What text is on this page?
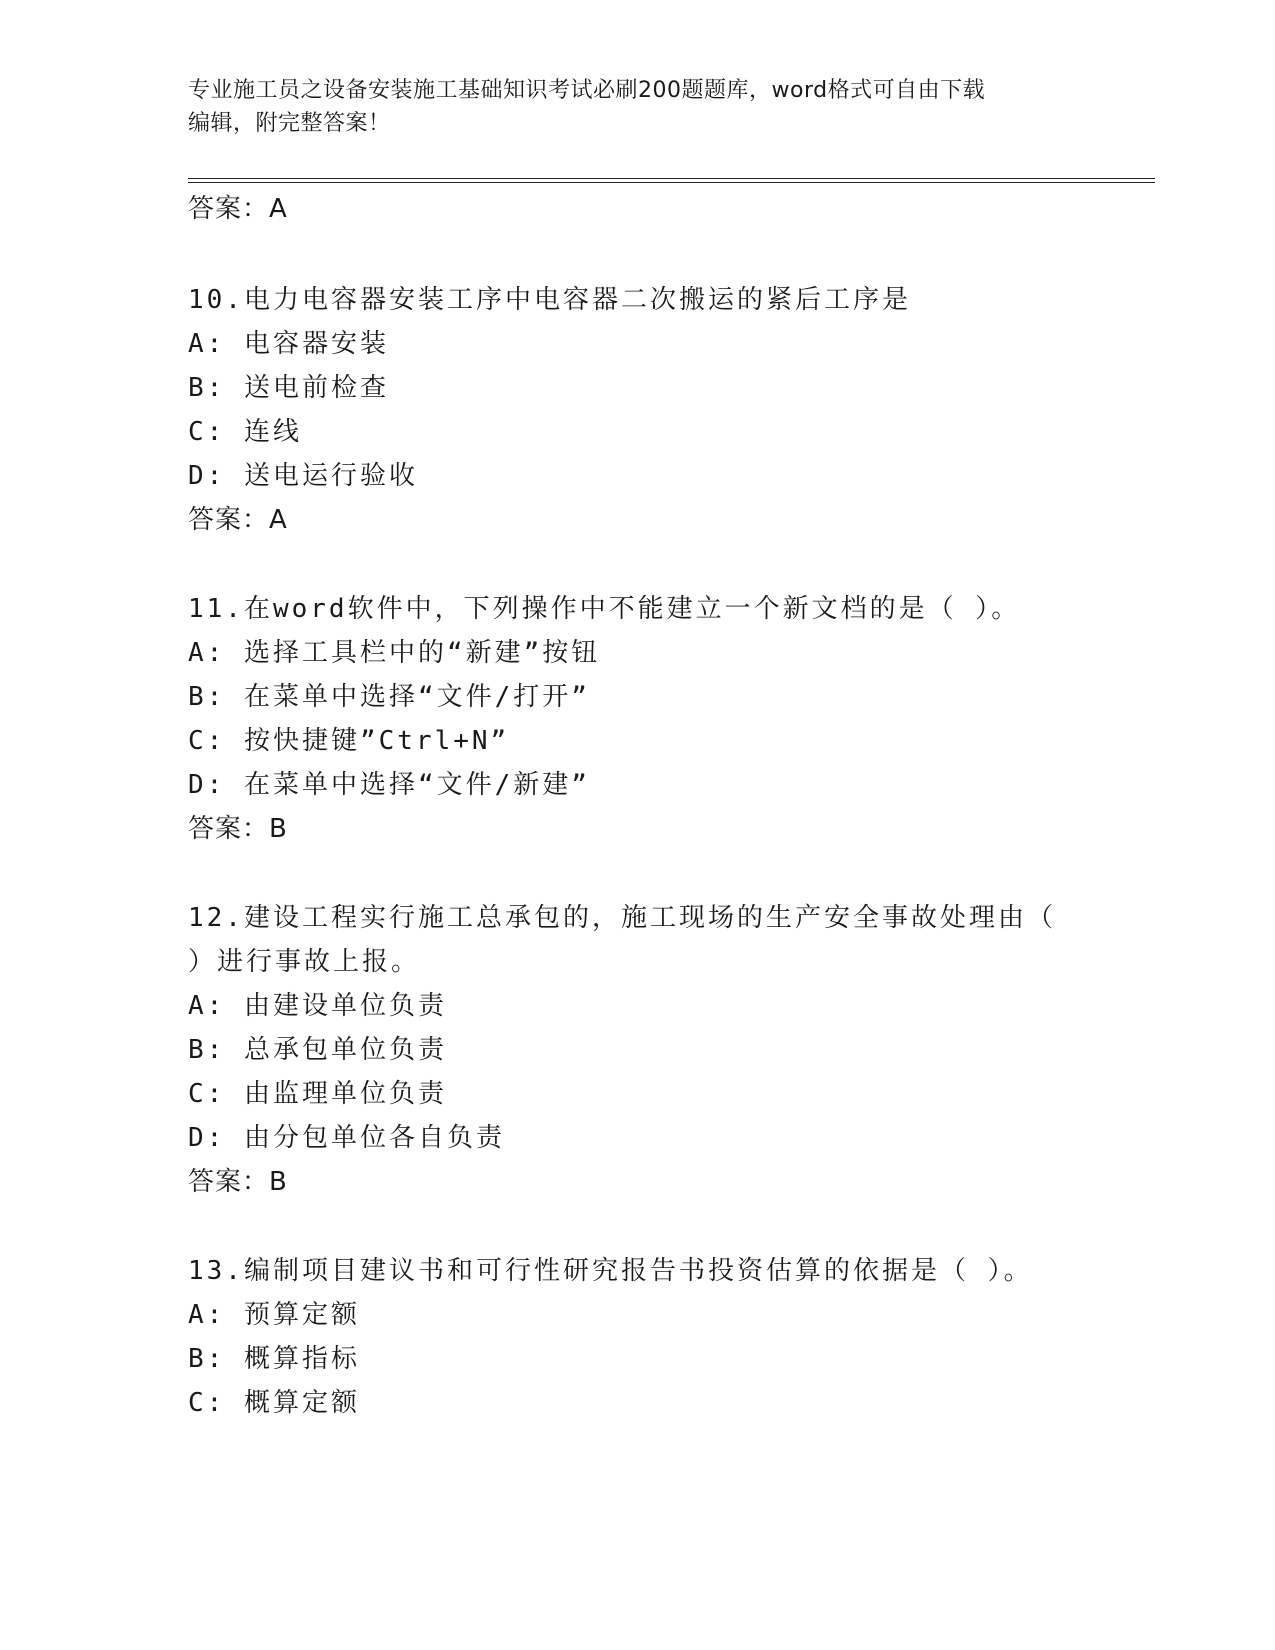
专业施工员之设备安装施工基础知识考试必刷200题题库，word格式可自由下载
编辑，附完整答案！
答案：A
10.电力电容器安装工序中电容器二次搬运的紧后工序是
A: 电容器安装
B: 送电前检查
C: 连线
D: 送电运行验收
答案：A
11.在word软件中，下列操作中不能建立一个新文档的是（ ）。
A: 选择工具栏中的“新建”按钮
B: 在菜单中选择“文件/打开”
C: 按快捷键”Ctrl+N”
D: 在菜单中选择“文件/新建”
答案：B
12.建设工程实行施工总承包的，施工现场的生产安全事故处理由（
）进行事故上报。
A: 由建设单位负责
B: 总承包单位负责
C: 由监理单位负责
D: 由分包单位各自负责
答案：B
13.编制项目建议书和可行性研究报告书投资估算的依据是（ ）。
A: 预算定额
B: 概算指标
C: 概算定额
